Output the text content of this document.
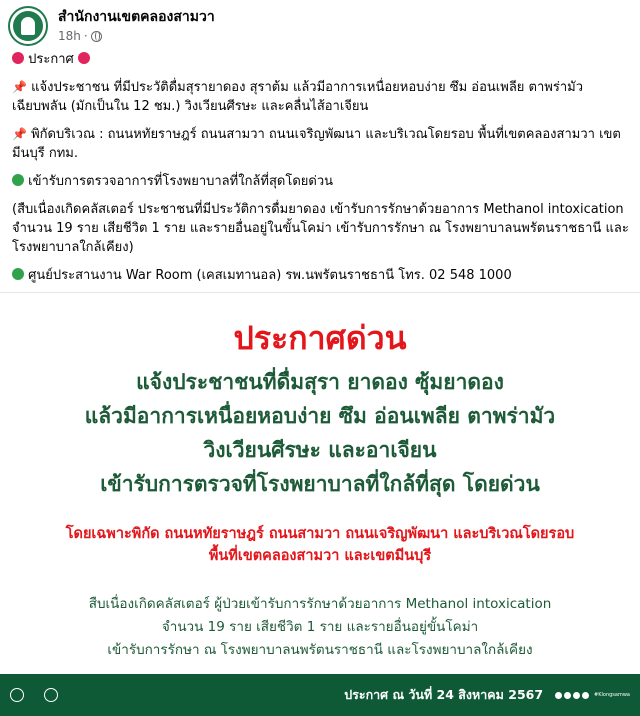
สำนักงานเขตคลองสามวา
18h ·

ประกาศ

📌 แจ้งประชาชน ที่มีประวัติดื่มสุรายาดอง สุราต้ม แล้วมีอาการเหนื่อยหอบง่าย ซึม อ่อนเพลีย ตาพร่ามัว เฉียบพลัน (มักเป็นใน 12 ชม.) วิงเวียนศีรษะ และคลื่นไส้อาเจียน

📌 พิกัดบริเวณ : ถนนหทัยราษฎร์ ถนนสามวา ถนนเจริญพัฒนา และบริเวณโดยรอบ พื้นที่เขตคลองสามวา เขตมีนบุรี กทม.

เข้ารับการตรวจอาการที่โรงพยาบาลที่ใกล้ที่สุดโดยด่วน

(สืบเนื่องเกิดคลัสเตอร์ ประชาชนที่มีประวัติการดื่มยาดอง เข้ารับการรักษาด้วยอาการ Methanol intoxication จำนวน 19 ราย เสียชีวิต 1 ราย และรายอื่นอยู่ในขั้นโคม่า เข้ารับการรักษา ณ โรงพยาบาลนพรัตนราชธานี และโรงพยาบาลใกล้เคียง)

ศูนย์ประสานงาน War Room (เคสเมทานอล) รพ.นพรัตนราชธานี โทร. 02 548 1000

ประกาศด่วน
แจ้งประชาชนที่ดื่มสุรา ยาดอง ซุ้มยาดอง
แล้วมีอาการเหนื่อยหอบง่าย ซึม อ่อนเพลีย ตาพร่ามัว
วิงเวียนศีรษะ และอาเจียน
เข้ารับการตรวจที่โรงพยาบาลที่ใกล้ที่สุด โดยด่วน
โดยเฉพาะพิกัด ถนนหทัยราษฎร์ ถนนสามวา ถนนเจริญพัฒนา และบริเวณโดยรอบ
พื้นที่เขตคลองสามวา และเขตมีนบุรี
สืบเนื่องเกิดคลัสเตอร์ ผู้ป่วยเข้ารับการรักษาด้วยอาการ Methanol intoxication
จำนวน 19 ราย เสียชีวิต 1 ราย และรายอื่นอยู่ขั้นโคม่า
เข้ารับการรักษา ณ โรงพยาบาลนพรัตนราชธานี และโรงพยาบาลใกล้เคียง

ประกาศ ณ วันที่ 24 สิงหาคม 2567	#Klongsamwa
